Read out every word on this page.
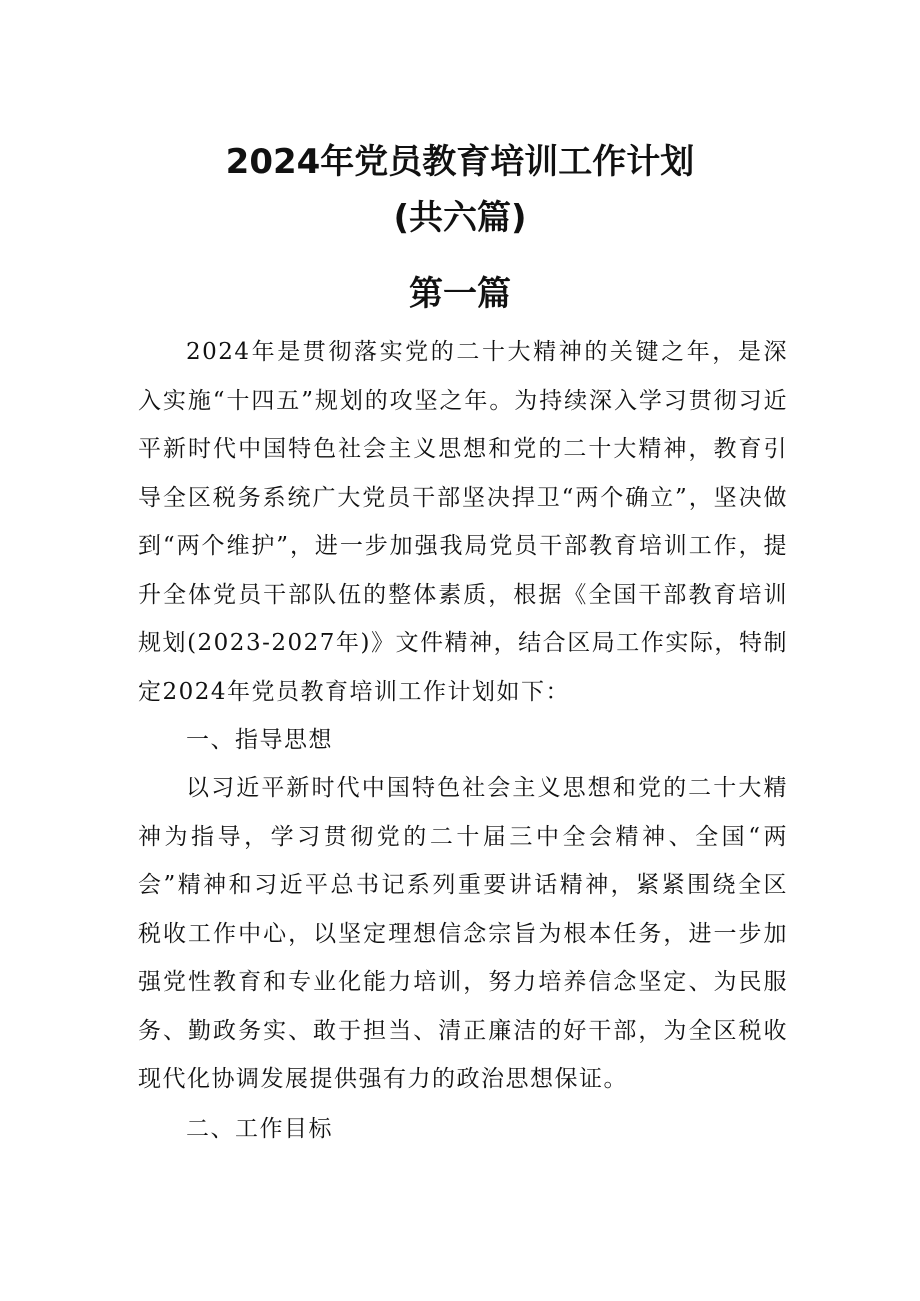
2024年党员教育培训工作计划
(共六篇)
第一篇

2024年是贯彻落实党的二十大精神的关键之年，是深入实施“十四五”规划的攻坚之年。为持续深入学习贯彻习近平新时代中国特色社会主义思想和党的二十大精神，教育引导全区税务系统广大党员干部坚决捍卫“两个确立”，坚决做到“两个维护”，进一步加强我局党员干部教育培训工作，提升全体党员干部队伍的整体素质，根据《全国干部教育培训规划(2023-2027年)》文件精神，结合区局工作实际，特制定2024年党员教育培训工作计划如下：

一、指导思想

以习近平新时代中国特色社会主义思想和党的二十大精神为指导，学习贯彻党的二十届三中全会精神、全国“两会”精神和习近平总书记系列重要讲话精神，紧紧围绕全区税收工作中心，以坚定理想信念宗旨为根本任务，进一步加强党性教育和专业化能力培训，努力培养信念坚定、为民服务、勤政务实、敢于担当、清正廉洁的好干部，为全区税收现代化协调发展提供强有力的政治思想保证。

二、工作目标
